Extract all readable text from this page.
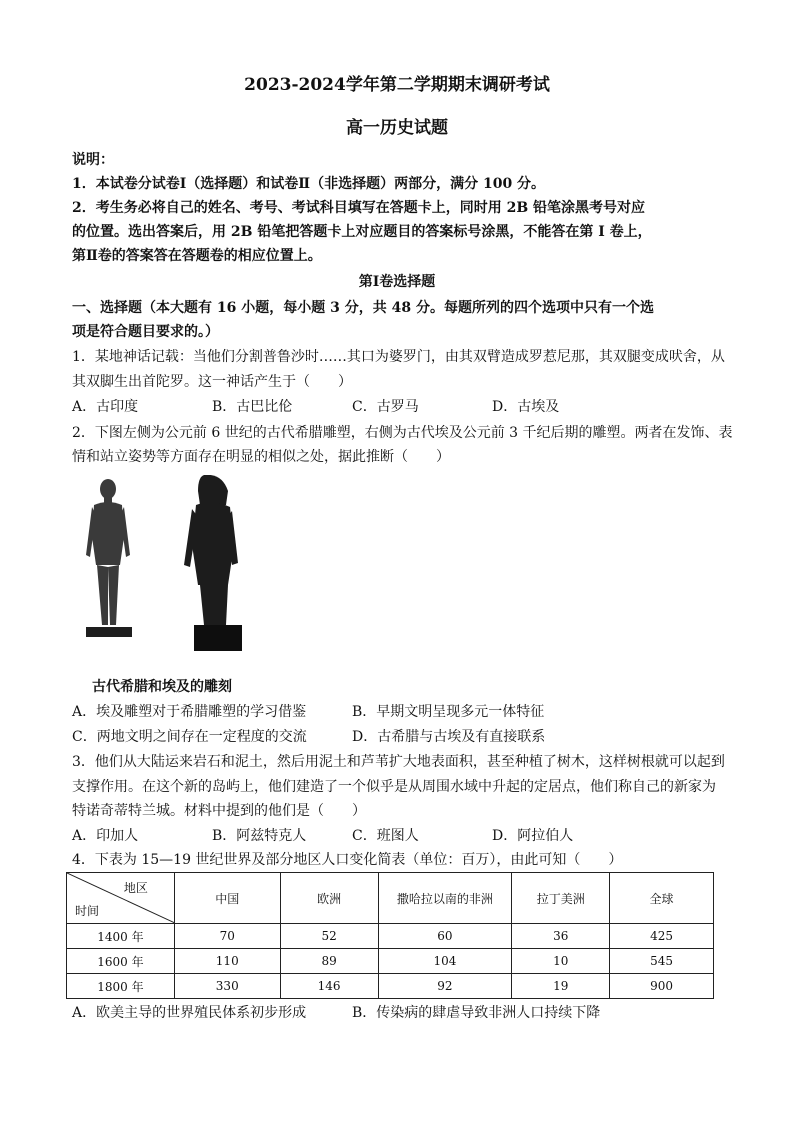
2023-2024学年第二学期期末调研考试
高一历史试题
说明：
1．本试卷分试卷Ⅰ（选择题）和试卷Ⅱ（非选择题）两部分，满分 100 分。
2．考生务必将自己的姓名、考号、考试科目填写在答题卡上，同时用 2B 铅笔涂黑考号对应
的位置。选出答案后，用 2B 铅笔把答题卡上对应题目的答案标号涂黑，不能答在第 Ⅰ 卷上，
第Ⅱ卷的答案答在答题卷的相应位置上。
第Ⅰ卷选择题
一、选择题（本大题有 16 小题，每小题 3 分，共 48 分。每题所列的四个选项中只有一个选
项是符合题目要求的。）
1．某地神话记载：当他们分割普鲁沙时……其口为婆罗门，由其双臂造成罗惹尼那，其双腿变成吠舍，从
其双脚生出首陀罗。这一神话产生于（　　）
A．古印度	B．古巴比伦	C．古罗马	D．古埃及
2．下图左侧为公元前 6 世纪的古代希腊雕塑，右侧为古代埃及公元前 3 千纪后期的雕塑。两者在发饰、表
情和站立姿势等方面存在明显的相似之处，据此推断（　　）
古代希腊和埃及的雕刻
A．埃及雕塑对于希腊雕塑的学习借鉴	B．早期文明呈现多元一体特征
C．两地文明之间存在一定程度的交流	D．古希腊与古埃及有直接联系
3．他们从大陆运来岩石和泥土，然后用泥土和芦苇扩大地表面积，甚至种植了树木，这样树根就可以起到
支撑作用。在这个新的岛屿上，他们建造了一个似乎是从周围水域中升起的定居点，他们称自己的新家为
特诺奇蒂特兰城。材料中提到的他们是（　　）
A．印加人	B．阿兹特克人	C．班图人	D．阿拉伯人
4．下表为 15—19 世纪世界及部分地区人口变化简表（单位：百万），由此可知（　　）
地区
时间	中国	欧洲	撒哈拉以南的非洲	拉丁美洲	全球
1400 年	70	52	60	36	425
1600 年	110	89	104	10	545
1800 年	330	146	92	19	900
A．欧美主导的世界殖民体系初步形成	B．传染病的肆虐导致非洲人口持续下降
